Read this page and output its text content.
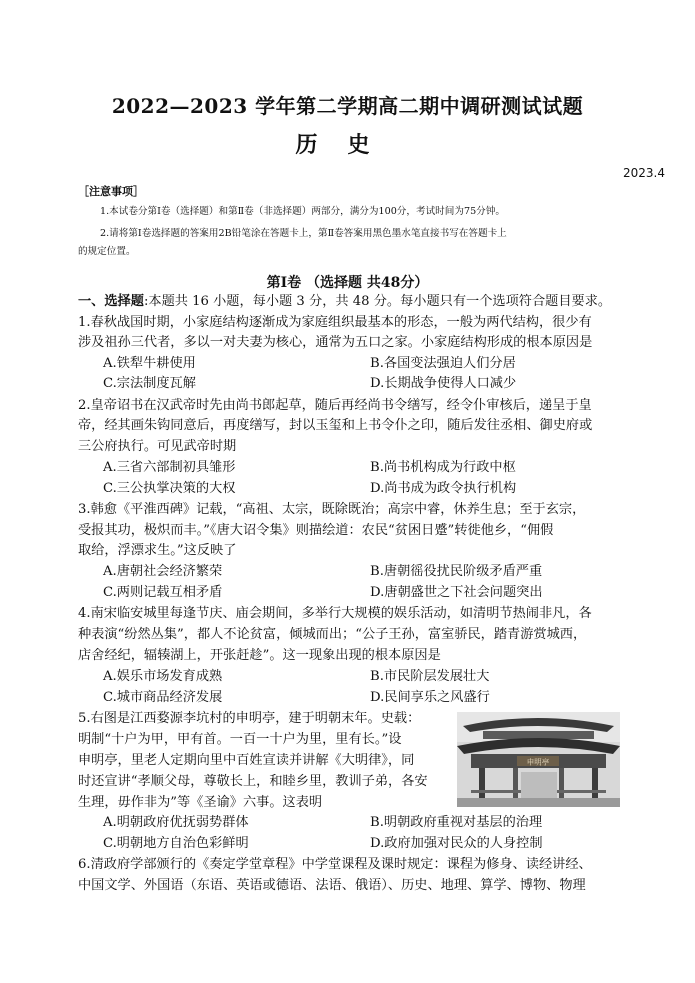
2022—2023 学年第二学期高二期中调研测试试题
历史
2023.4
［注意事项］
1.本试卷分第Ⅰ卷（选择题）和第Ⅱ卷（非选择题）两部分，满分为100分，考试时间为75分钟。
2.请将第Ⅰ卷选择题的答案用2B铅笔涂在答题卡上，第Ⅱ卷答案用黑色墨水笔直接书写在答题卡上
的规定位置。
第Ⅰ卷 （选择题 共48分）
一、选择题:本题共 16 小题，每小题 3 分，共 48 分。每小题只有一个选项符合题目要求。
1.春秋战国时期，小家庭结构逐渐成为家庭组织最基本的形态，一般为两代结构，很少有
涉及祖孙三代者，多以一对夫妻为核心，通常为五口之家。小家庭结构形成的根本原因是
A.铁犁牛耕使用	B.各国变法强迫人们分居
C.宗法制度瓦解	D.长期战争使得人口减少
2.皇帝诏书在汉武帝时先由尚书郎起草，随后再经尚书令缮写，经令仆审核后，递呈于皇
帝，经其画朱钩同意后，再度缮写，封以玉玺和上书令仆之印，随后发往丞相、御史府或
三公府执行。可见武帝时期
A.三省六部制初具雏形	B.尚书机构成为行政中枢
C.三公执掌决策的大权	D.尚书成为政令执行机构
3.韩愈《平淮西碑》记载，“高祖、太宗，既除既治；高宗中睿，休养生息；至于玄宗，
受报其功，极炽而丰。”《唐大诏令集》则描绘道：农民“贫困日蹙”转徙他乡，“佣假
取给，浮漂求生。”这反映了
A.唐朝社会经济繁荣	B.唐朝徭役扰民阶级矛盾严重
C.两则记载互相矛盾	D.唐朝盛世之下社会问题突出
4.南宋临安城里每逢节庆、庙会期间，多举行大规模的娱乐活动，如清明节热闹非凡，各
种表演“纷然丛集”，都人不论贫富，倾城而出；“公子王孙，富室骄民，踏青游赏城西，
店舍经纪，辐辏湖上，开张赶趁”。这一现象出现的根本原因是
A.娱乐市场发育成熟	B.市民阶层发展壮大
C.城市商品经济发展	D.民间享乐之风盛行
5.右图是江西婺源李坑村的申明亭，建于明朝末年。史载：
明制“十户为甲，甲有首。一百一十户为里，里有长。”设
申明亭，里老人定期向里中百姓宣读并讲解《大明律》，同
时还宣讲“孝顺父母，尊敬长上，和睦乡里，教训子弟，各安
生理，毋作非为”等《圣谕》六事。这表明
A.明朝政府优抚弱势群体	B.明朝政府重视对基层的治理
C.明朝地方自治色彩鲜明	D.政府加强对民众的人身控制
申明亭
6.清政府学部颁行的《奏定学堂章程》中学堂课程及课时规定：课程为修身、读经讲经、
中国文学、外国语（东语、英语或德语、法语、俄语）、历史、地理、算学、博物、物理
